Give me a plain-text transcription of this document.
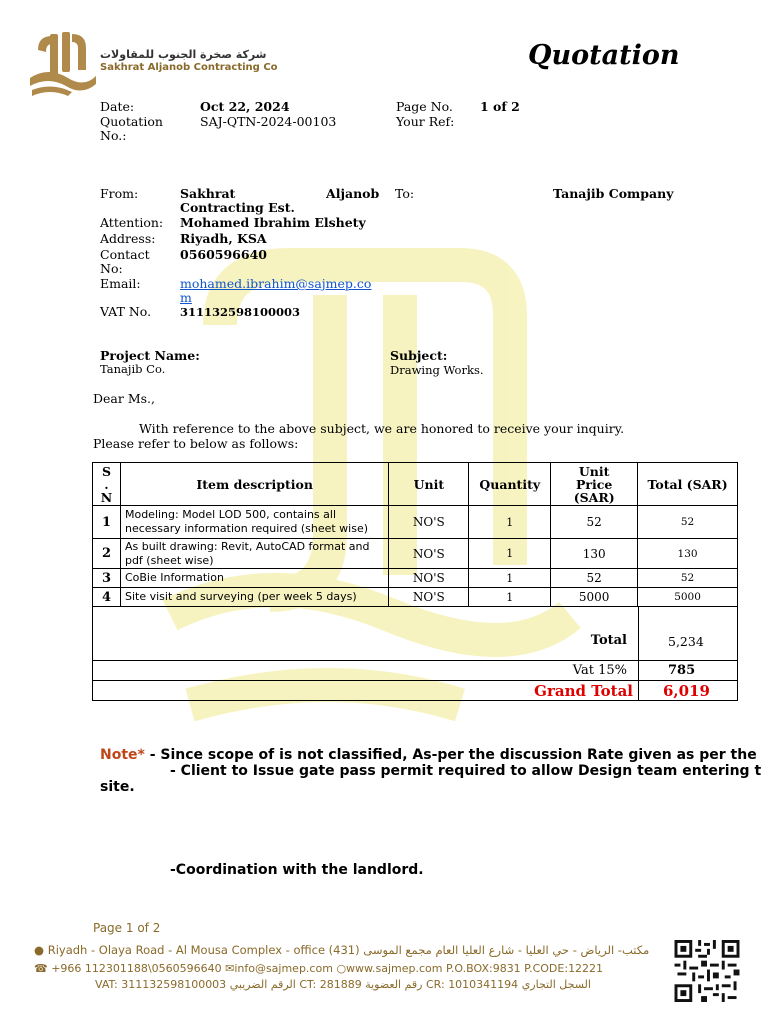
شركة صخرة الجنوب للمقاولات
Sakhrat Aljanob Contracting Co	Quotation
Date:	Oct 22, 2024
Quotation
No.:
SAJ-QTN-2024-00103
Page No. 1 of 2
Your Ref:
From:	Sakhrat	Aljanob
Contracting Est.
Attention: Mohamed Ibrahim Elshety
Address: Riyadh, KSA
Contact
No:
0560596640
Email:	mohamed.ibrahim@sajmep.co
m
VAT No.	311132598100003
To:	Tanajib Company
Project Name:
Tanajib Co.
Subject:
Drawing Works.
Dear Ms.,
With reference to the above subject, we are honored to receive your inquiry.
Please refer to below as follows:
S
.
N	Item description	Unit	Quantity	Unit
Price
(SAR)	Total (SAR)
1	Modeling: Model LOD 500, contains all necessary information required (sheet wise)	NO'S	1	52	52
2	As built drawing: Revit, AutoCAD format and pdf (sheet wise)	NO'S	1	130	130
3	CoBie Information	NO'S	1	52	52
4	Site visit and surveying (per week 5 days)	NO'S	1	5000	5000
Total	5,234
Vat 15%	785
Grand Total 6,019
Note* - Since scope of is not classified, As-per the discussion Rate given as per the
- Client to Issue gate pass permit required to allow Design team entering t
site.
-Coordination with the landlord.
Page 1 of 2
● Riyadh - Olaya Road - Al Mousa Complex - office (431) مكتب- الرياض - حي العليا - شارع العليا العام مجمع الموسى
☎ +966 112301188\0560596640 ✉info@sajmep.com ○www.sajmep.com P.O.BOX:9831 P.CODE:12221
VAT: 311132598100003 الرقم الضريبي CT: 281889 رقم العضوية CR: 1010341194 السجل التجاري
